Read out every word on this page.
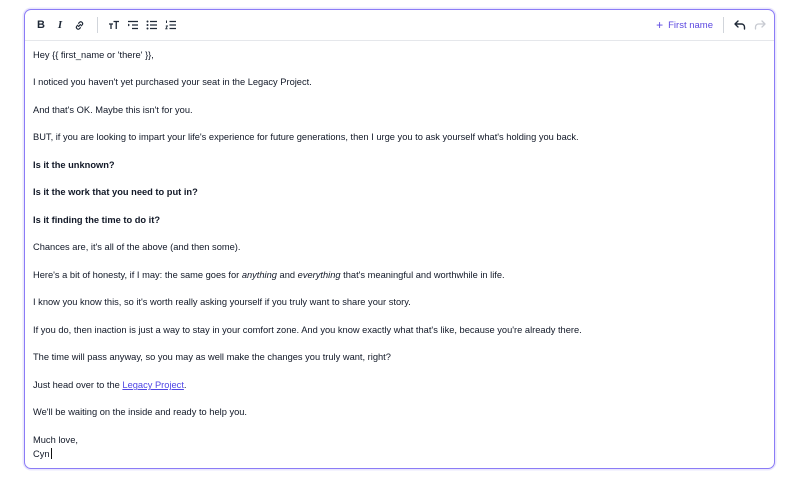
B I	+ First name
Hey {{ first_name or 'there' }},
I noticed you haven't yet purchased your seat in the Legacy Project.
And that's OK. Maybe this isn't for you.
BUT, if you are looking to impart your life's experience for future generations, then I urge you to ask yourself what's holding you back.
Is it the unknown?
Is it the work that you need to put in?
Is it finding the time to do it?
Chances are, it's all of the above (and then some).
Here's a bit of honesty, if I may: the same goes for anything and everything that's meaningful and worthwhile in life.
I know you know this, so it's worth really asking yourself if you truly want to share your story.
If you do, then inaction is just a way to stay in your comfort zone. And you know exactly what that's like, because you're already there.
The time will pass anyway, so you may as well make the changes you truly want, right?
Just head over to the Legacy Project.
We'll be waiting on the inside and ready to help you.
Much love,
Cyn
